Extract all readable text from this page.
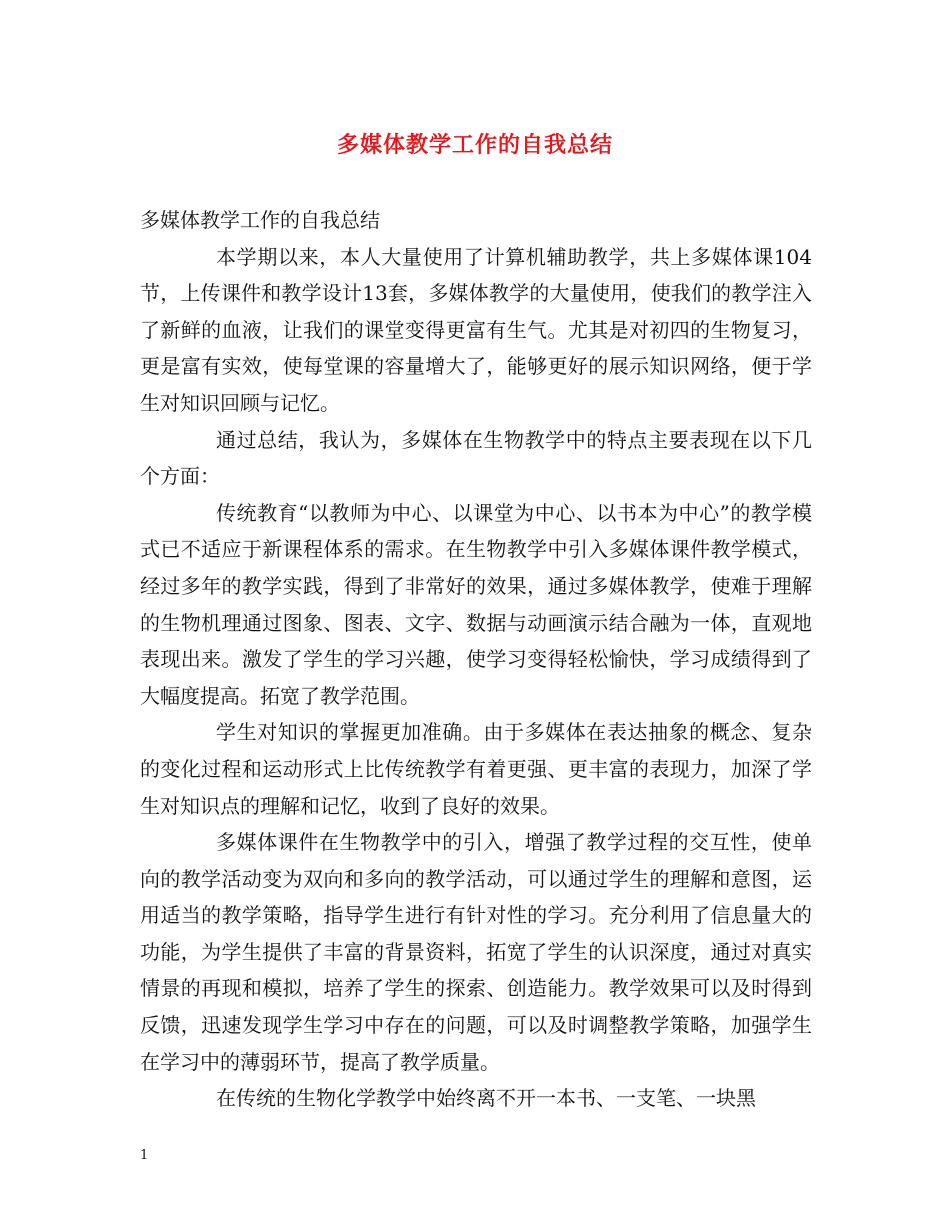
多媒体教学工作的自我总结

多媒体教学工作的自我总结

本学期以来，本人大量使用了计算机辅助教学，共上多媒体课104节，上传课件和教学设计13套，多媒体教学的大量使用，使我们的教学注入了新鲜的血液，让我们的课堂变得更富有生气。尤其是对初四的生物复习，更是富有实效，使每堂课的容量增大了，能够更好的展示知识网络，便于学生对知识回顾与记忆。

通过总结，我认为，多媒体在生物教学中的特点主要表现在以下几个方面：

传统教育“以教师为中心、以课堂为中心、以书本为中心”的教学模式已不适应于新课程体系的需求。在生物教学中引入多媒体课件教学模式，经过多年的教学实践，得到了非常好的效果，通过多媒体教学，使难于理解的生物机理通过图象、图表、文字、数据与动画演示结合融为一体，直观地表现出来。激发了学生的学习兴趣，使学习变得轻松愉快，学习成绩得到了大幅度提高。拓宽了教学范围。

学生对知识的掌握更加准确。由于多媒体在表达抽象的概念、复杂的变化过程和运动形式上比传统教学有着更强、更丰富的表现力，加深了学生对知识点的理解和记忆，收到了良好的效果。

多媒体课件在生物教学中的引入，增强了教学过程的交互性，使单向的教学活动变为双向和多向的教学活动，可以通过学生的理解和意图，运用适当的教学策略，指导学生进行有针对性的学习。充分利用了信息量大的功能，为学生提供了丰富的背景资料，拓宽了学生的认识深度，通过对真实情景的再现和模拟，培养了学生的探索、创造能力。教学效果可以及时得到反馈，迅速发现学生学习中存在的问题，可以及时调整教学策略，加强学生在学习中的薄弱环节，提高了教学质量。

在传统的生物化学教学中始终离不开一本书、一支笔、一块黑

1
